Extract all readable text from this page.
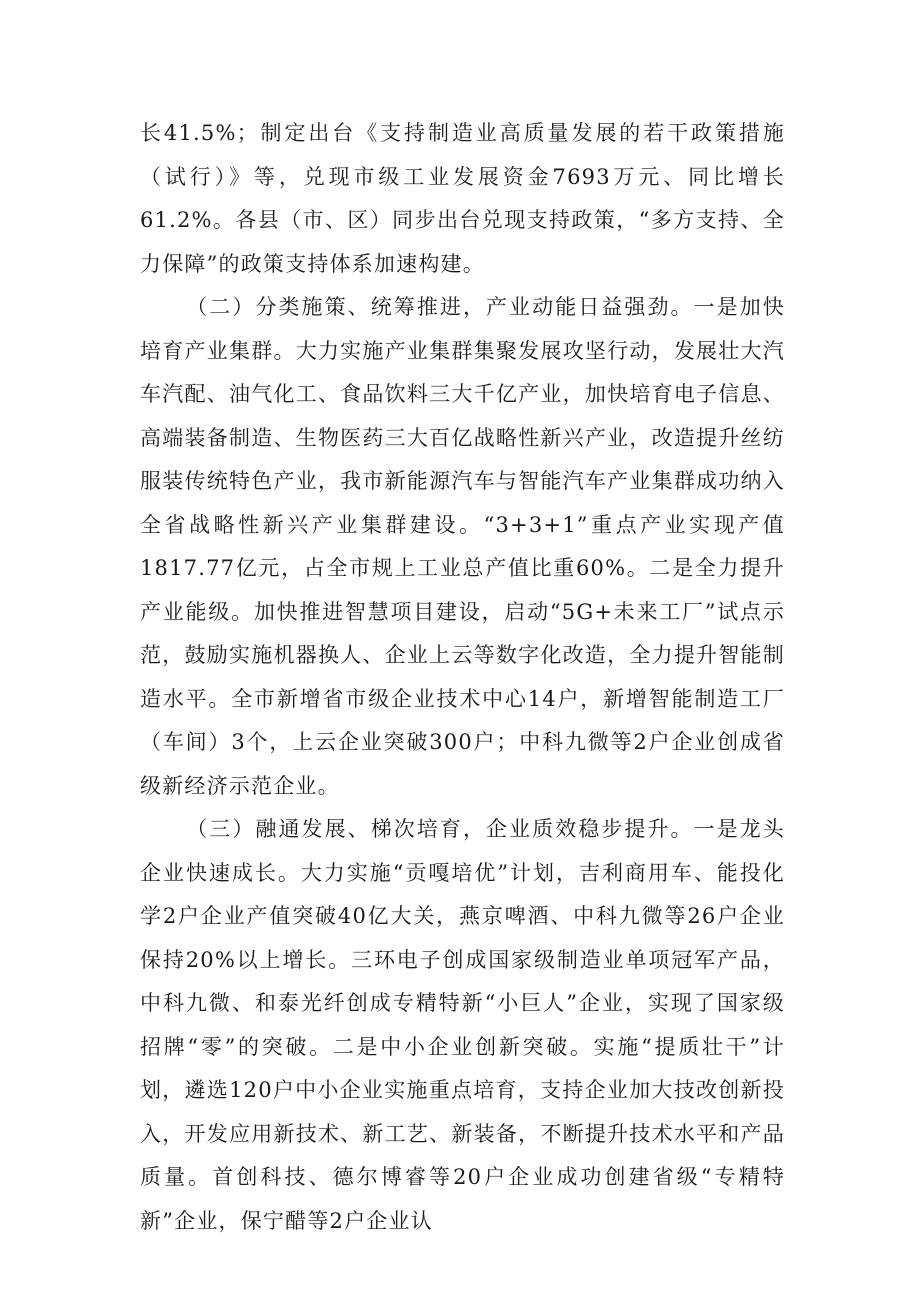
长41.5%；制定出台《支持制造业高质量发展的若干政策措施（试行）》等，兑现市级工业发展资金7693万元、同比增长61.2%。各县（市、区）同步出台兑现支持政策，“多方支持、全力保障”的政策支持体系加速构建。

（二）分类施策、统筹推进，产业动能日益强劲。一是加快培育产业集群。大力实施产业集群集聚发展攻坚行动，发展壮大汽车汽配、油气化工、食品饮料三大千亿产业，加快培育电子信息、高端装备制造、生物医药三大百亿战略性新兴产业，改造提升丝纺服装传统特色产业，我市新能源汽车与智能汽车产业集群成功纳入全省战略性新兴产业集群建设。“3+3+1”重点产业实现产值1817.77亿元，占全市规上工业总产值比重60%。二是全力提升产业能级。加快推进智慧项目建设，启动“5G+未来工厂”试点示范，鼓励实施机器换人、企业上云等数字化改造，全力提升智能制造水平。全市新增省市级企业技术中心14户，新增智能制造工厂（车间）3个，上云企业突破300户；中科九微等2户企业创成省级新经济示范企业。

（三）融通发展、梯次培育，企业质效稳步提升。一是龙头企业快速成长。大力实施“贡嘎培优”计划，吉利商用车、能投化学2户企业产值突破40亿大关，燕京啤酒、中科九微等26户企业保持20%以上增长。三环电子创成国家级制造业单项冠军产品，中科九微、和泰光纤创成专精特新“小巨人”企业，实现了国家级招牌“零”的突破。二是中小企业创新突破。实施“提质壮干”计划，遴选120户中小企业实施重点培育，支持企业加大技改创新投入，开发应用新技术、新工艺、新装备，不断提升技术水平和产品质量。首创科技、德尔博睿等20户企业成功创建省级“专精特新”企业，保宁醋等2户企业认
